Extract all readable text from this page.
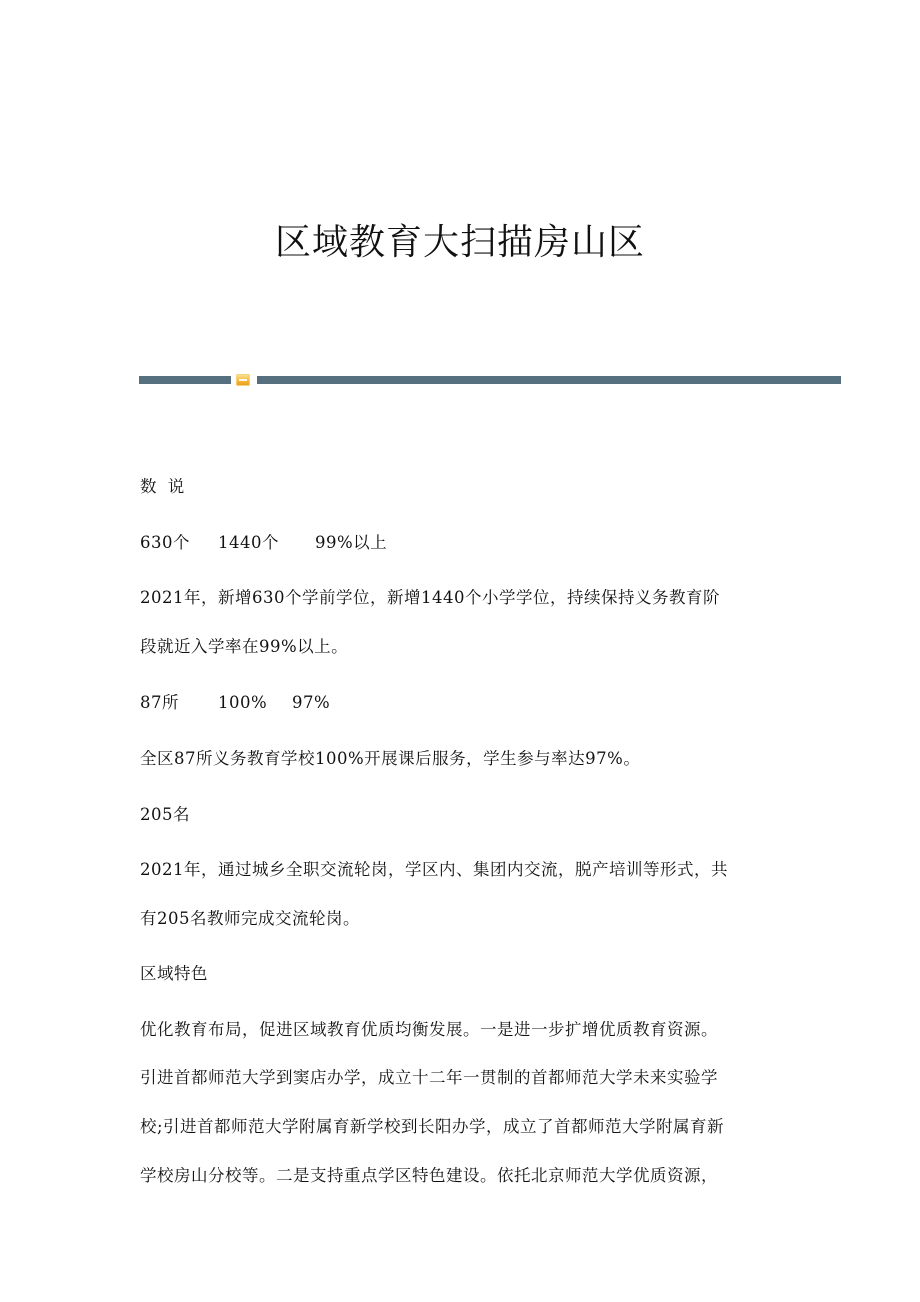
区域教育大扫描房山区

数 说

630个 1440个 99%以上

2021年，新增630个学前学位，新增1440个小学学位，持续保持义务教育阶

段就近入学率在99%以上。

87所 100% 97%

全区87所义务教育学校100%开展课后服务，学生参与率达97%。

205名

2021年，通过城乡全职交流轮岗，学区内、集团内交流，脱产培训等形式，共

有205名教师完成交流轮岗。

区域特色

优化教育布局，促进区域教育优质均衡发展。一是进一步扩增优质教育资源。

引进首都师范大学到窦店办学，成立十二年一贯制的首都师范大学未来实验学

校;引进首都师范大学附属育新学校到长阳办学，成立了首都师范大学附属育新

学校房山分校等。二是支持重点学区特色建设。依托北京师范大学优质资源，
